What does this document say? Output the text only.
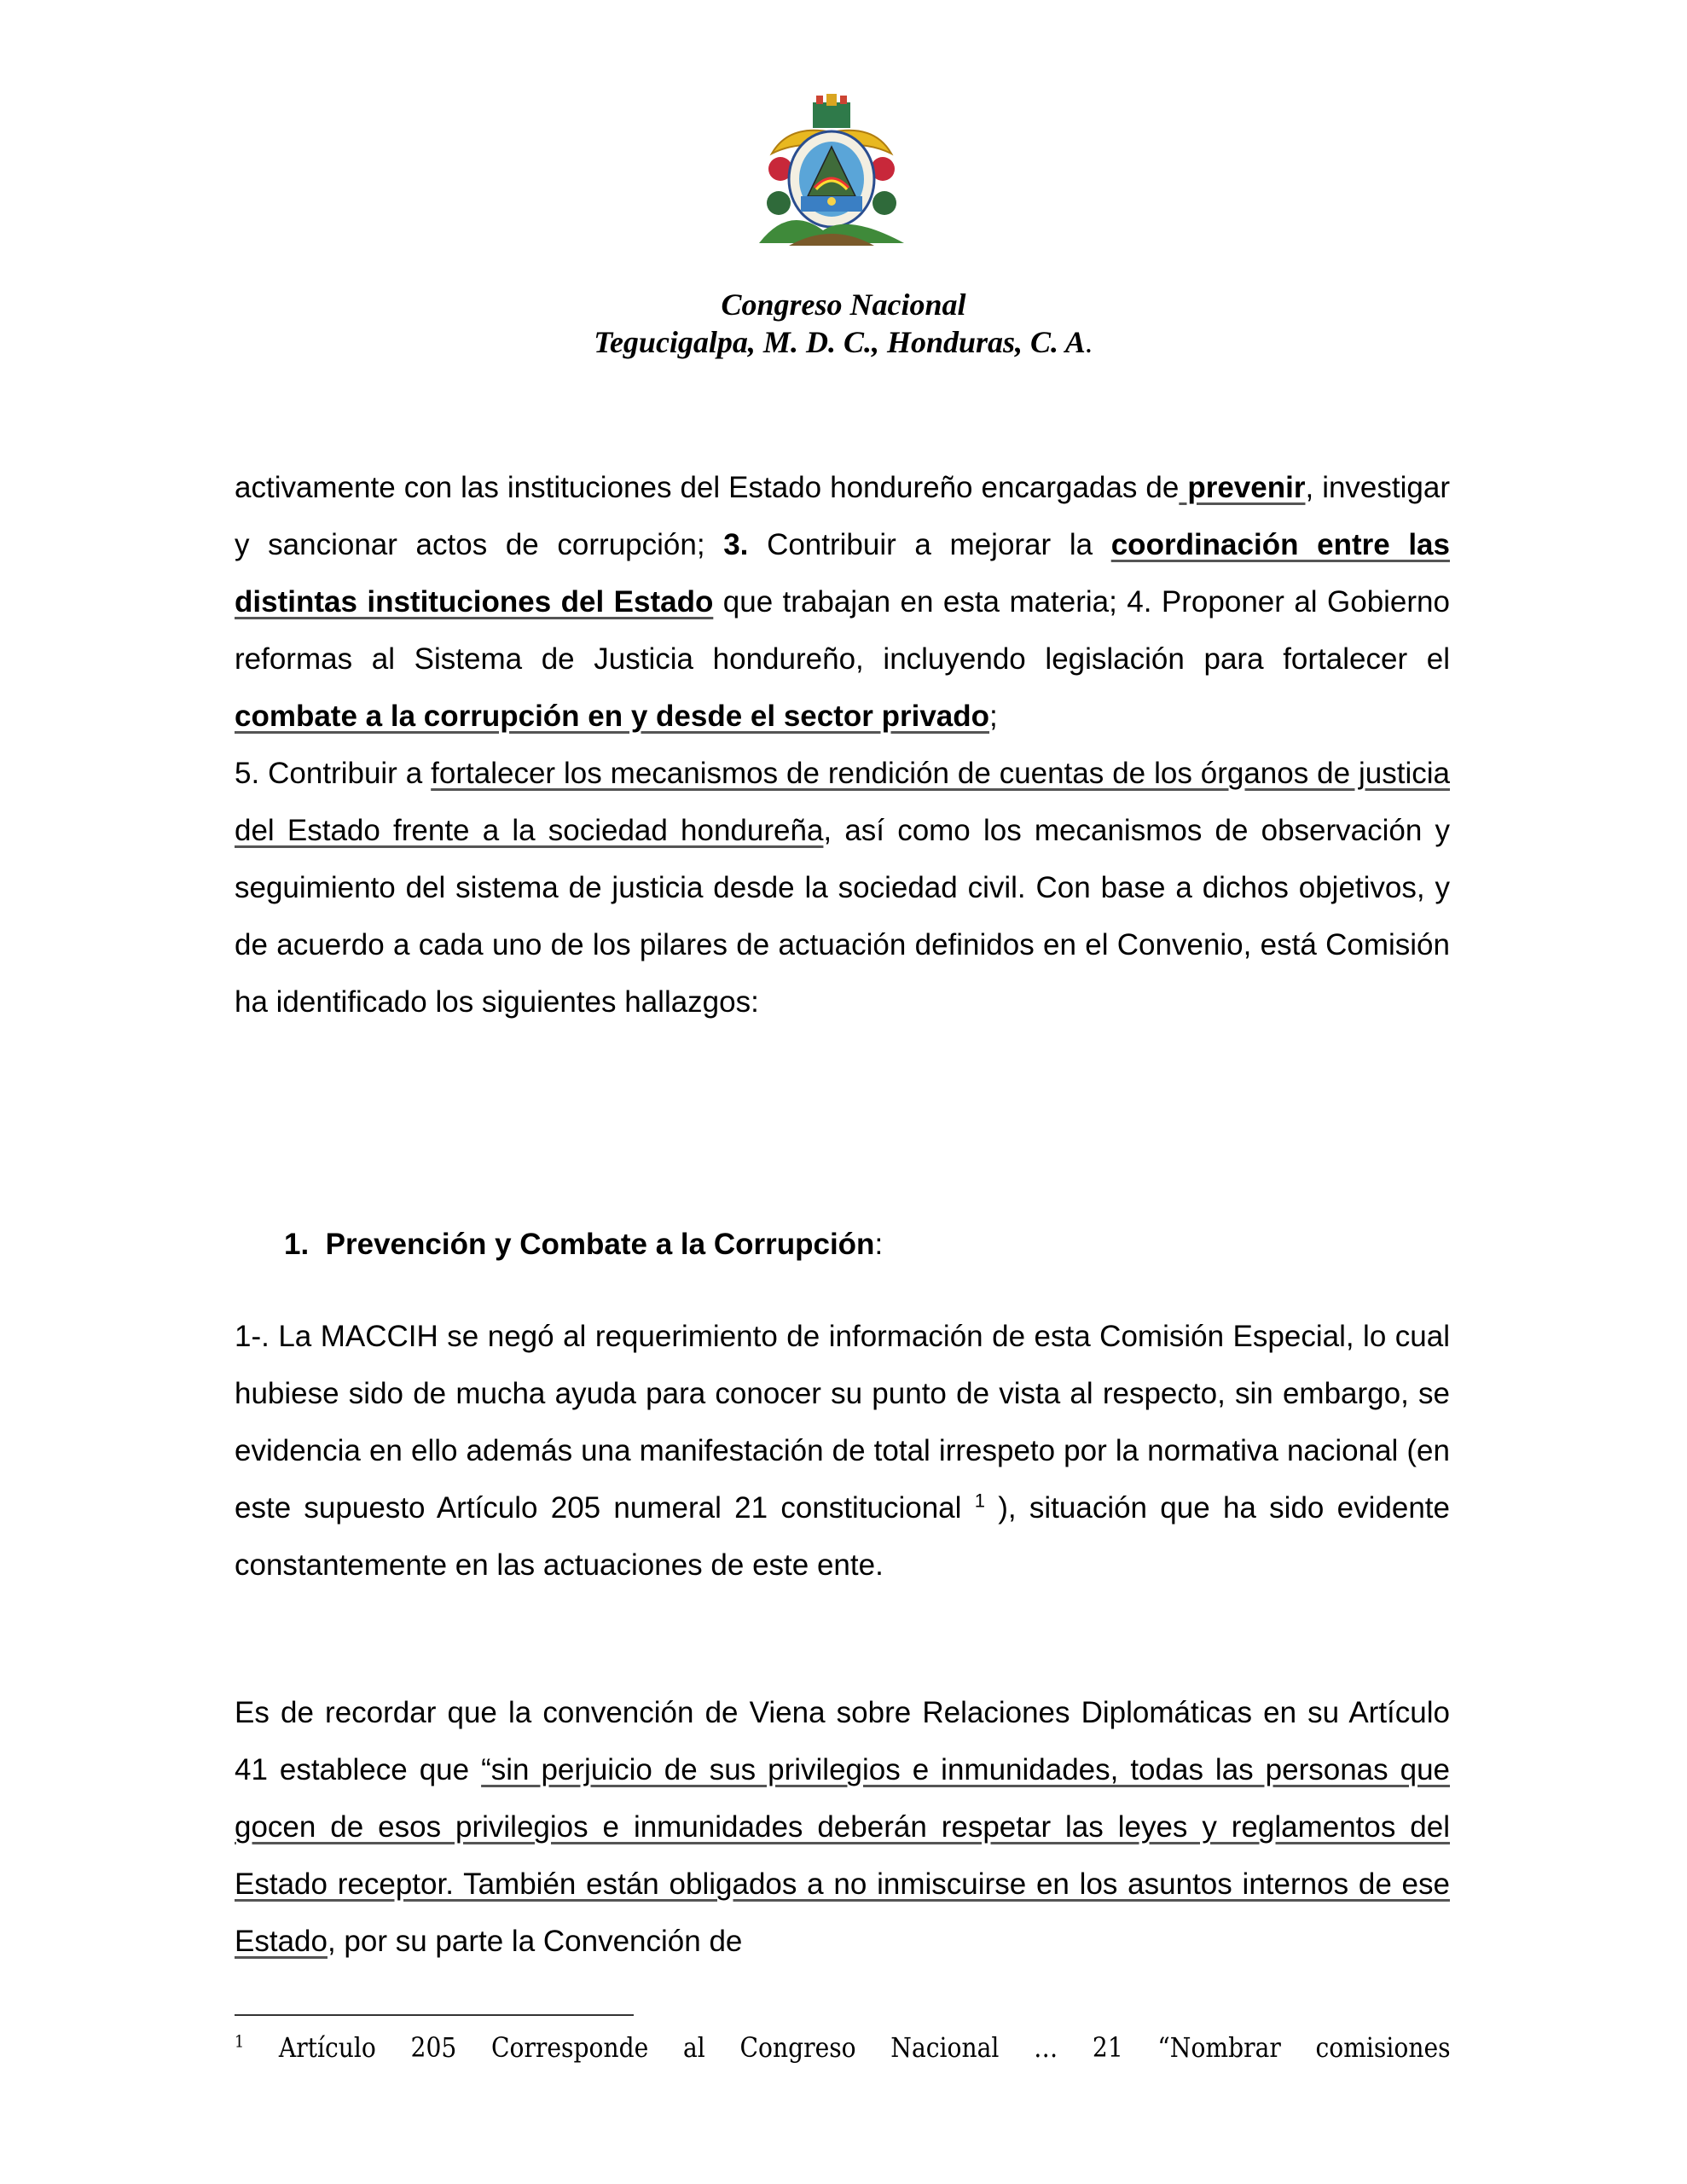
Congreso Nacional
Tegucigalpa, M. D. C., Honduras, C. A.

activamente con las instituciones del Estado hondureño encargadas de prevenir, investigar y sancionar actos de corrupción; 3. Contribuir a mejorar la coordinación entre las distintas instituciones del Estado que trabajan en esta materia; 4. Proponer al Gobierno reformas al Sistema de Justicia hondureño, incluyendo legislación para fortalecer el combate a la corrupción en y desde el sector privado;

5. Contribuir a fortalecer los mecanismos de rendición de cuentas de los órganos de justicia del Estado frente a la sociedad hondureña, así como los mecanismos de observación y seguimiento del sistema de justicia desde la sociedad civil. Con base a dichos objetivos, y de acuerdo a cada uno de los pilares de actuación definidos en el Convenio, está Comisión ha identificado los siguientes hallazgos:

1. Prevención y Combate a la Corrupción:

1-. La MACCIH se negó al requerimiento de información de esta Comisión Especial, lo cual hubiese sido de mucha ayuda para conocer su punto de vista al respecto, sin embargo, se evidencia en ello además una manifestación de total irrespeto por la normativa nacional (en este supuesto Artículo 205 numeral 21 constitucional $^1$ ), situación que ha sido evidente constantemente en las actuaciones de este ente.

Es de recordar que la convención de Viena sobre Relaciones Diplomáticas en su Artículo 41 establece que “sin perjuicio de sus privilegios e inmunidades, todas las personas que gocen de esos privilegios e inmunidades deberán respetar las leyes y reglamentos del Estado receptor. También están obligados a no inmiscuirse en los asuntos internos de ese Estado, por su parte la Convención de

$^1$ Artículo 205 Corresponde al Congreso Nacional … 21 “Nombrar comisiones
